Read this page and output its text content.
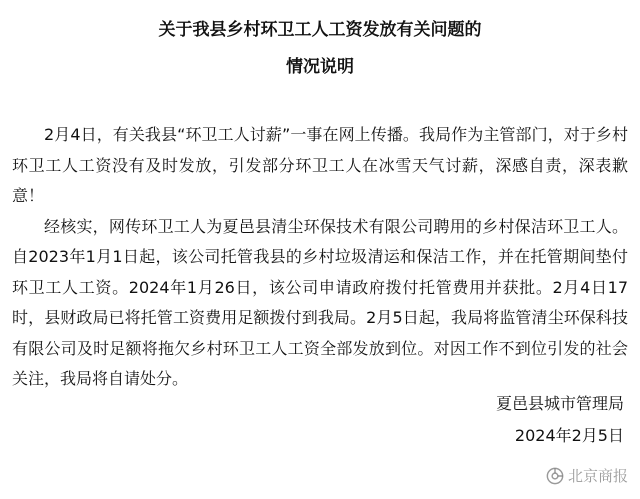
关于我县乡村环卫工人工资发放有关问题的
情况说明

2月4日，有关我县“环卫工人讨薪”一事在网上传播。我局作为主管部门，对于乡村环卫工人工资没有及时发放，引发部分环卫工人在冰雪天气讨薪，深感自责，深表歉意！

经核实，网传环卫工人为夏邑县清尘环保技术有限公司聘用的乡村保洁环卫工人。自2023年1月1日起，该公司托管我县的乡村垃圾清运和保洁工作，并在托管期间垫付环卫工人工资。2024年1月26日，该公司申请政府拨付托管费用并获批。2月4日17时，县财政局已将托管工资费用足额拨付到我局。2月5日起，我局将监管清尘环保科技有限公司及时足额将拖欠乡村环卫工人工资全部发放到位。对因工作不到位引发的社会关注，我局将自请处分。

夏邑县城市管理局

2024年2月5日

北京商报
